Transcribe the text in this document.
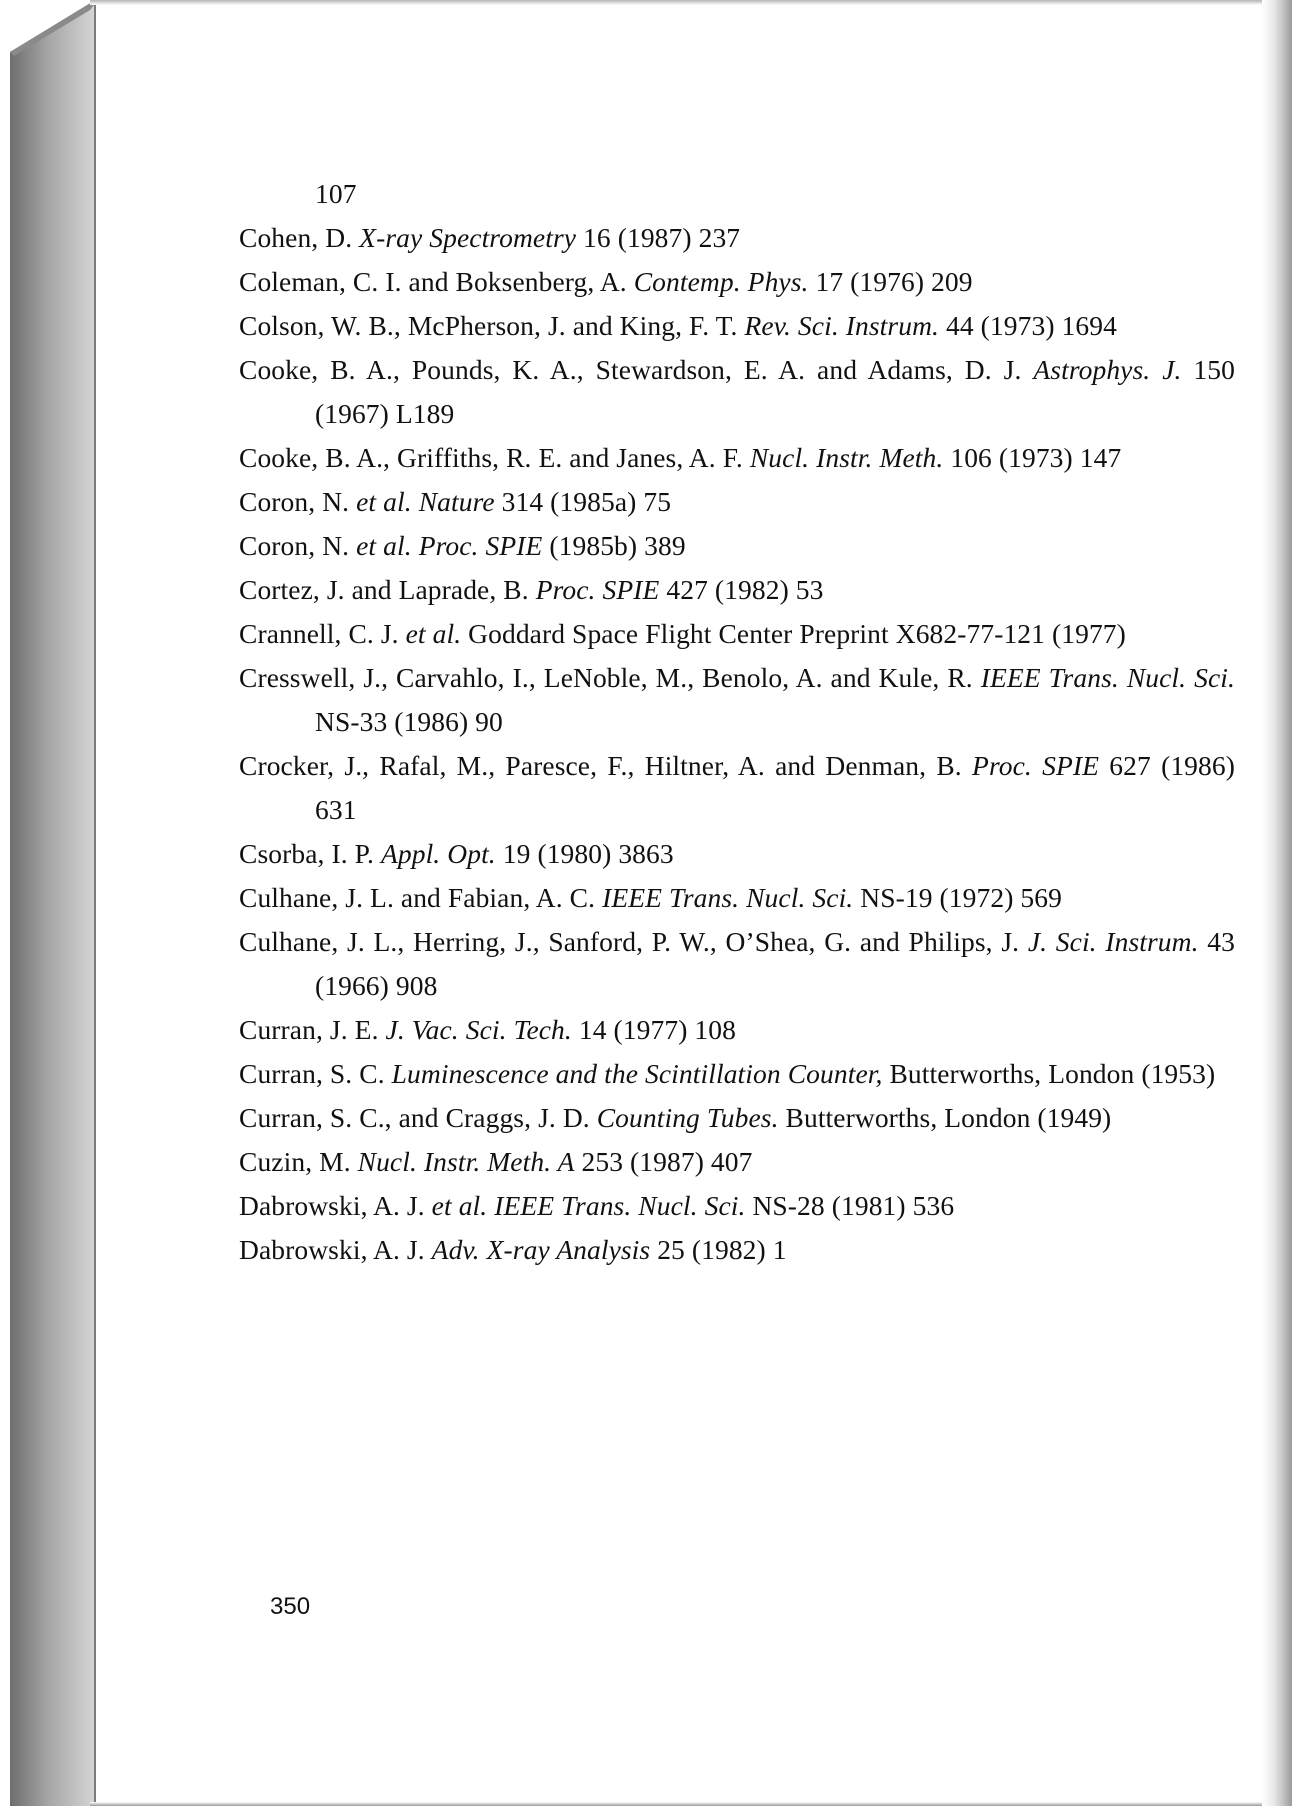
107
Cohen, D. X-ray Spectrometry 16 (1987) 237
Coleman, C. I. and Boksenberg, A. Contemp. Phys. 17 (1976) 209
Colson, W. B., McPherson, J. and King, F. T. Rev. Sci. Instrum. 44 (1973) 1694
Cooke, B. A., Pounds, K. A., Stewardson, E. A. and Adams, D. J. Astrophys. J. 150 (1967) L189
Cooke, B. A., Griffiths, R. E. and Janes, A. F. Nucl. Instr. Meth. 106 (1973) 147
Coron, N. et al. Nature 314 (1985a) 75
Coron, N. et al. Proc. SPIE (1985b) 389
Cortez, J. and Laprade, B. Proc. SPIE 427 (1982) 53
Crannell, C. J. et al. Goddard Space Flight Center Preprint X682-77-121 (1977)
Cresswell, J., Carvahlo, I., LeNoble, M., Benolo, A. and Kule, R. IEEE Trans. Nucl. Sci. NS-33 (1986) 90
Crocker, J., Rafal, M., Paresce, F., Hiltner, A. and Denman, B. Proc. SPIE 627 (1986) 631
Csorba, I. P. Appl. Opt. 19 (1980) 3863
Culhane, J. L. and Fabian, A. C. IEEE Trans. Nucl. Sci. NS-19 (1972) 569
Culhane, J. L., Herring, J., Sanford, P. W., O’Shea, G. and Philips, J. J. Sci. Instrum. 43 (1966) 908
Curran, J. E. J. Vac. Sci. Tech. 14 (1977) 108
Curran, S. C. Luminescence and the Scintillation Counter, Butterworths, London (1953)
Curran, S. C., and Craggs, J. D. Counting Tubes. Butterworths, London (1949)
Cuzin, M. Nucl. Instr. Meth. A 253 (1987) 407
Dabrowski, A. J. et al. IEEE Trans. Nucl. Sci. NS-28 (1981) 536
Dabrowski, A. J. Adv. X-ray Analysis 25 (1982) 1
350
